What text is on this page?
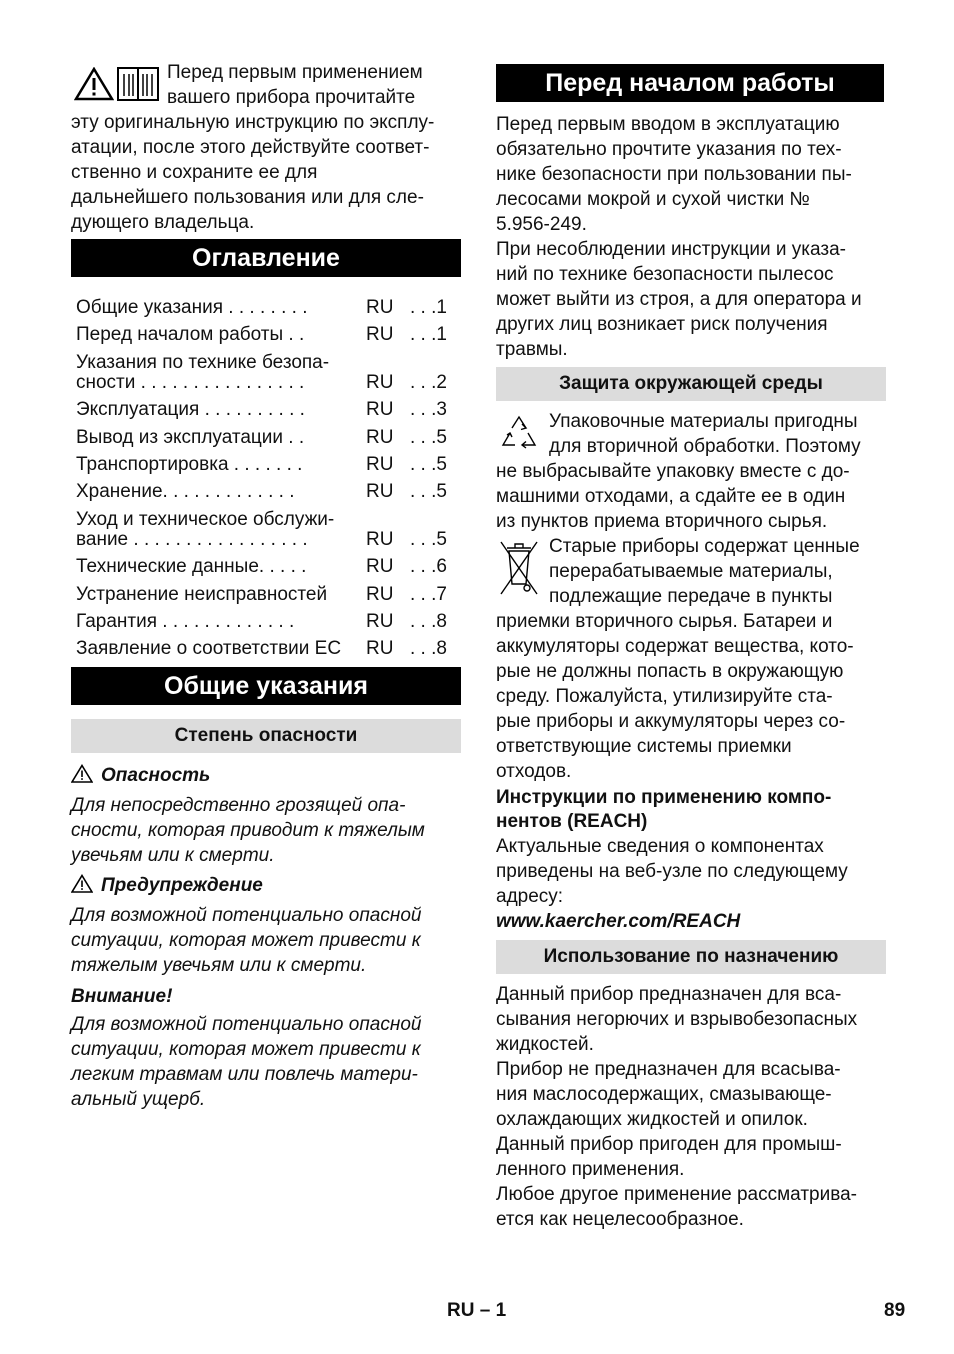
Перед первым применением
вашего прибора прочитайте
эту оригинальную инструкцию по эксплу-
атации, после этого действуйте соответ-
ственно и сохраните ее для
дальнейшего пользования или для сле-
дующего владельца.
Оглавление
Общие указания . . . . . . . .	RU . . .1
Перед началом работы . .	RU . . .1
Указания по технике безопа-
сности . . . . . . . . . . . . . . . .	RU . . .2
Эксплуатация . . . . . . . . . .	RU . . .3
Вывод из эксплуатации . .	RU . . .5
Транспортировка . . . . . . .	RU . . .5
Хранение. . . . . . . . . . . . .	RU . . .5
Уход и техническое обслужи-
вание . . . . . . . . . . . . . . . . .	RU . . .5
Технические данные. . . . .	RU . . .6
Устранение неисправностей RU . . .7
Гарантия . . . . . . . . . . . . .	RU . . .8
Заявление о соответствии ЕС RU . . .8
Общие указания
Степень опасности
Опасность
Для непосредственно грозящей опа-
сности, которая приводит к тяжелым
увечьям или к смерти.
Предупреждение
Для возможной потенциально опасной
ситуации, которая может привести к
тяжелым увечьям или к смерти.
Внимание!
Для возможной потенциально опасной
ситуации, которая может привести к
легким травмам или повлечь матери-
альный ущерб.
Перед началом работы
Перед первым вводом в эксплуатацию
обязательно прочтите указания по тех-
нике безопасности при пользовании пы-
лесосами мокрой и сухой чистки №
5.956-249.
При несоблюдении инструкции и указа-
ний по технике безопасности пылесос
может выйти из строя, а для оператора и
других лиц возникает риск получения
травмы.
Защита окружающей среды
Упаковочные материалы пригодны
для вторичной обработки. Поэтому
не выбрасывайте упаковку вместе с до-
машними отходами, а сдайте ее в один
из пунктов приема вторичного сырья.
Старые приборы содержат ценные
перерабатываемые материалы,
подлежащие передаче в пункты
приемки вторичного сырья. Батареи и
аккумуляторы содержат вещества, кото-
рые не должны попасть в окружающую
среду. Пожалуйста, утилизируйте ста-
рые приборы и аккумуляторы через со-
ответствующие системы приемки
отходов.
Инструкции по применению компо-
нентов (REACH)
Актуальные сведения о компонентах
приведены на веб-узле по следующему
адресу:
www.kaercher.com/REACH
Использование по назначению
Данный прибор предназначен для вса-
сывания негорючих и взрывобезопасных
жидкостей.
Прибор не предназначен для всасыва-
ния маслосодержащих, смазывающе-
охлаждающих жидкостей и опилок.
Данный прибор пригоден для промыш-
ленного применения.
Любое другое применение рассматрива-
ется как нецелесообразное.
RU – 1	89
